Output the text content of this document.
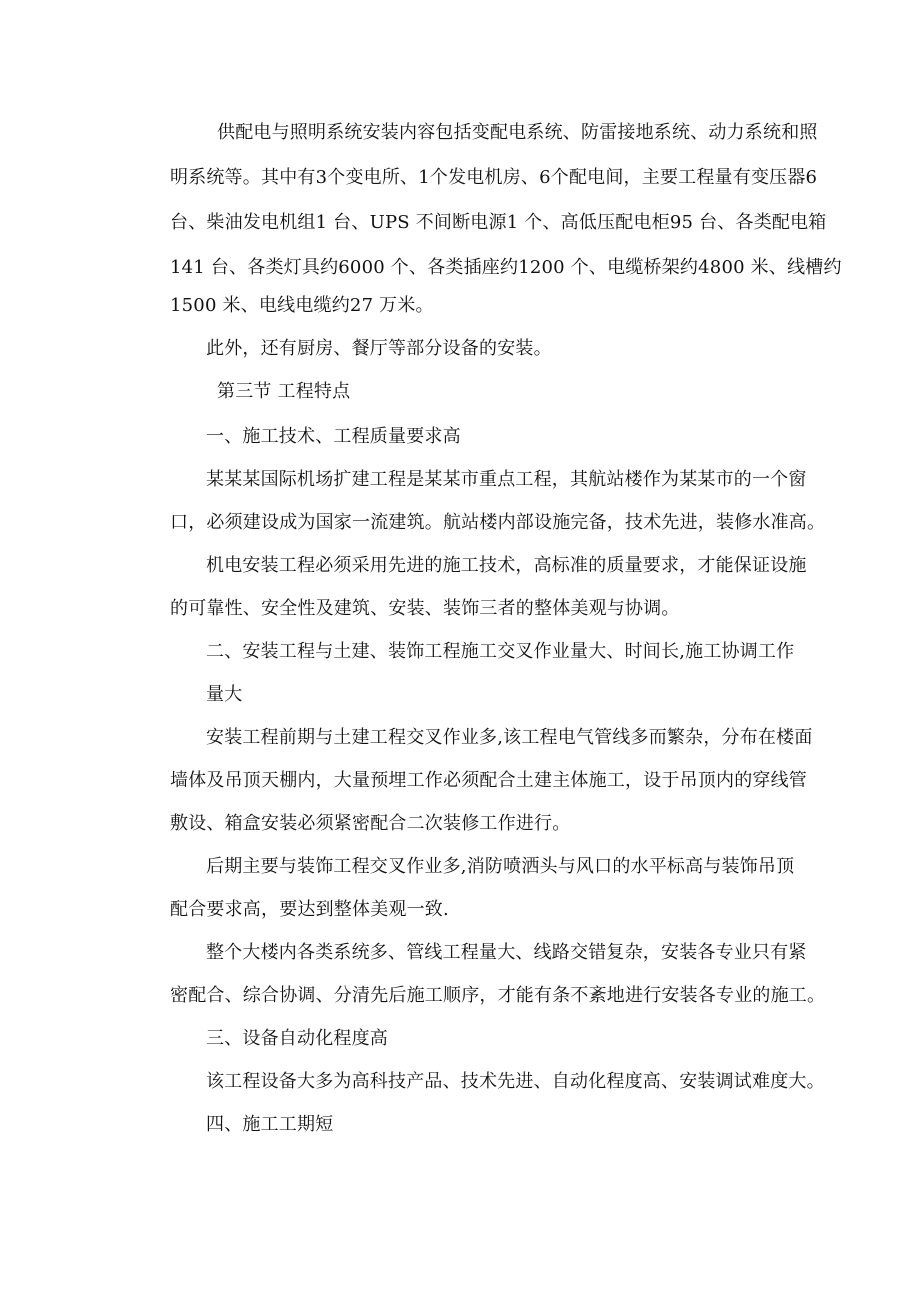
供配电与照明系统安装内容包括变配电系统、防雷接地系统、动力系统和照
明系统等。其中有3个变电所、1个发电机房、6个配电间，主要工程量有变压器6
台、柴油发电机组1 台、UPS 不间断电源1 个、高低压配电柜95 台、各类配电箱
141 台、各类灯具约6000 个、各类插座约1200 个、电缆桥架约4800 米、线槽约
1500 米、电线电缆约27 万米。
此外，还有厨房、餐厅等部分设备的安装。
第三节 工程特点
一、施工技术、工程质量要求高
某某某国际机场扩建工程是某某市重点工程，其航站楼作为某某市的一个窗
口，必须建设成为国家一流建筑。航站楼内部设施完备，技术先进，装修水准高。
机电安装工程必须采用先进的施工技术，高标准的质量要求，才能保证设施
的可靠性、安全性及建筑、安装、装饰三者的整体美观与协调。
二、安装工程与土建、装饰工程施工交叉作业量大、时间长,施工协调工作
量大
安装工程前期与土建工程交叉作业多,该工程电气管线多而繁杂，分布在楼面
墙体及吊顶天棚内，大量预埋工作必须配合土建主体施工，设于吊顶内的穿线管
敷设、箱盒安装必须紧密配合二次装修工作进行。
后期主要与装饰工程交叉作业多,消防喷洒头与风口的水平标高与装饰吊顶
配合要求高，要达到整体美观一致.
整个大楼内各类系统多、管线工程量大、线路交错复杂，安装各专业只有紧
密配合、综合协调、分清先后施工顺序，才能有条不紊地进行安装各专业的施工。
三、设备自动化程度高
该工程设备大多为高科技产品、技术先进、自动化程度高、安装调试难度大。
四、施工工期短
